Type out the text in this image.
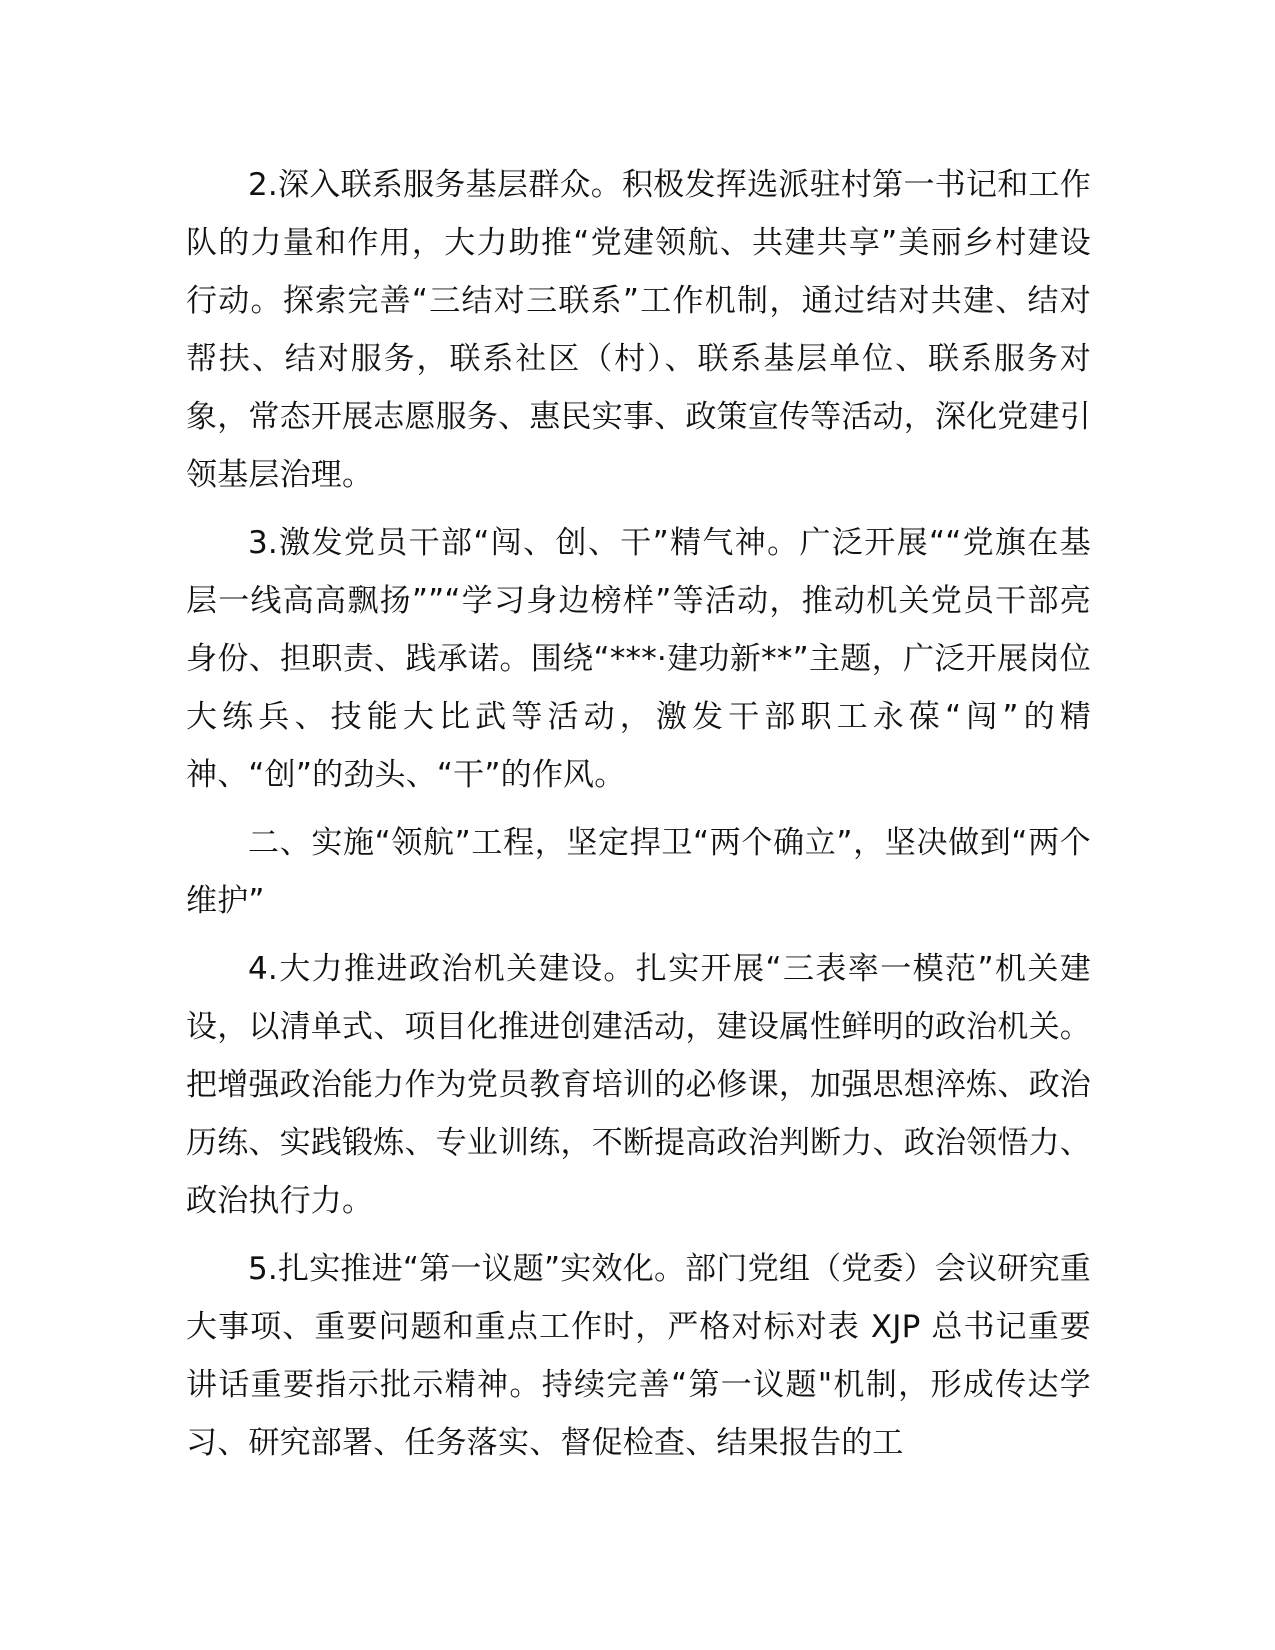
2.深入联系服务基层群众。积极发挥选派驻村第一书记和工作队的力量和作用，大力助推“党建领航、共建共享”美丽乡村建设行动。探索完善“三结对三联系”工作机制，通过结对共建、结对帮扶、结对服务，联系社区（村）、联系基层单位、联系服务对象，常态开展志愿服务、惠民实事、政策宣传等活动，深化党建引领基层治理。

3.激发党员干部“闯、创、干”精气神。广泛开展““党旗在基层一线高高飘扬””“学习身边榜样”等活动，推动机关党员干部亮身份、担职责、践承诺。围绕“***·建功新**”主题，广泛开展岗位大练兵、技能大比武等活动，激发干部职工永葆“闯”的精神、“创”的劲头、“干”的作风。

二、实施“领航”工程，坚定捍卫“两个确立”，坚决做到“两个维护”

4.大力推进政治机关建设。扎实开展“三表率一模范”机关建设，以清单式、项目化推进创建活动，建设属性鲜明的政治机关。把增强政治能力作为党员教育培训的必修课，加强思想淬炼、政治历练、实践锻炼、专业训练，不断提高政治判断力、政治领悟力、政治执行力。

5.扎实推进“第一议题”实效化。部门党组（党委）会议研究重大事项、重要问题和重点工作时，严格对标对表 XJP 总书记重要讲话重要指示批示精神。持续完善“第一议题"机制，形成传达学习、研究部署、任务落实、督促检查、结果报告的工
